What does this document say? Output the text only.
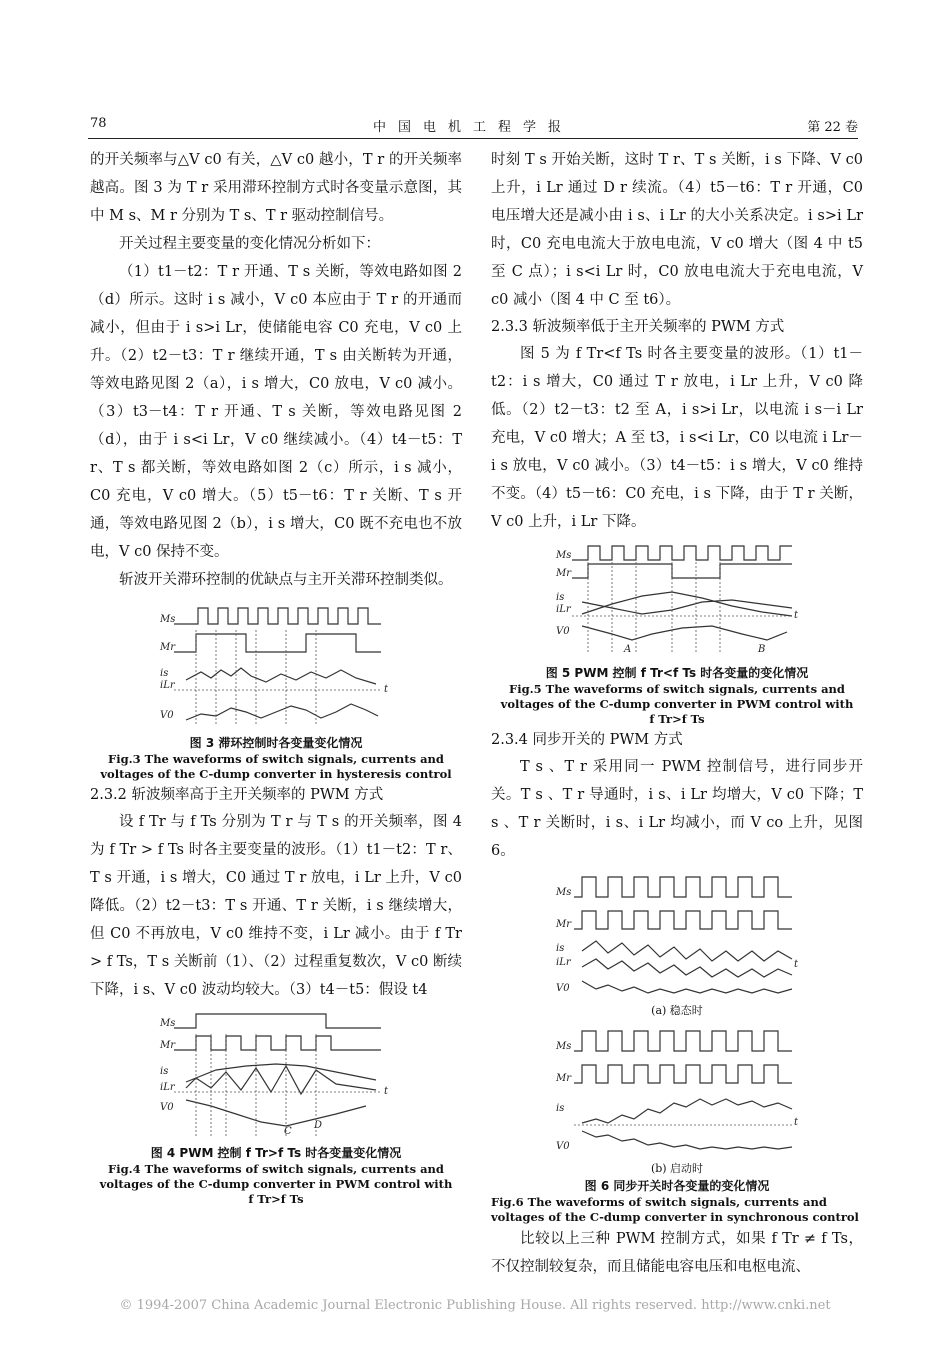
78	中国电机工程学报	第 22 卷

的开关频率与△V c0 有关，△V c0 越小，T r 的开关频率越高。图 3 为 T r 采用滞环控制方式时各变量示意图，其中 M s、M r 分别为 T s、T r 驱动控制信号。

开关过程主要变量的变化情况分析如下：

（1）t1－t2：T r 开通、T s 关断，等效电路如图 2（d）所示。这时 i s 减小，V c0 本应由于 T r 的开通而减小，但由于 i s>i Lr，使储能电容 C0 充电，V c0 上升。（2）t2－t3：T r 继续开通，T s 由关断转为开通，等效电路见图 2（a），i s 增大，C0 放电，V c0 减小。（3）t3－t4：T r 开通、T s 关断，等效电路见图 2（d），由于 i s<i Lr，V c0 继续减小。（4）t4－t5：T r、T s 都关断，等效电路如图 2（c）所示，i s 减小，C0 充电，V c0 增大。（5）t5－t6：T r 关断、T s 开通，等效电路见图 2（b），i s 增大，C0 既不充电也不放电，V c0 保持不变。

斩波开关滞环控制的优缺点与主开关滞环控制类似。

Ms
Mr
is
iLr	t
V0
图 3 滞环控制时各变量变化情况
Fig.3 The waveforms of switch signals, currents and
voltages of the C-dump converter in hysteresis control

2.3.2 斩波频率高于主开关频率的 PWM 方式

设 f Tr 与 f Ts 分别为 T r 与 T s 的开关频率，图 4 为 f Tr > f Ts 时各主要变量的波形。（1）t1－t2：T r、T s 开通，i s 增大，C0 通过 T r 放电，i Lr 上升，V c0 降低。（2）t2－t3：T s 开通、T r 关断，i s 继续增大，但 C0 不再放电，V c0 维持不变，i Lr 减小。由于 f Tr > f Ts，T s 关断前（1）、（2）过程重复数次，V c0 断续下降，i s、V c0 波动均较大。（3）t4－t5：假设 t4

Ms
Mr
is
iLr	t
V0
C
D
图 4 PWM 控制 f Tr>f Ts 时各变量变化情况
Fig.4 The waveforms of switch signals, currents and
voltages of the C-dump converter in PWM control with
f Tr>f Ts

时刻 T s 开始关断，这时 T r、T s 关断，i s 下降、V c0 上升，i Lr 通过 D r 续流。（4）t5－t6：T r 开通，C0 电压增大还是减小由 i s、i Lr 的大小关系决定。i s>i Lr 时，C0 充电电流大于放电电流，V c0 增大（图 4 中 t5 至 C 点）；i s<i Lr 时，C0 放电电流大于充电电流，V c0 减小（图 4 中 C 至 t6）。

2.3.3 斩波频率低于主开关频率的 PWM 方式

图 5 为 f Tr<f Ts 时各主要变量的波形。（1）t1－t2：i s 增大，C0 通过 T r 放电，i Lr 上升，V c0 降低。（2）t2－t3：t2 至 A，i s>i Lr，以电流 i s－i Lr 充电，V c0 增大；A 至 t3，i s<i Lr，C0 以电流 i Lr－i s 放电，V c0 减小。（3）t4－t5：i s 增大，V c0 维持不变。（4）t5－t6：C0 充电，i s 下降，由于 T r 关断，V c0 上升，i Lr 下降。

Ms
Mr
is
iLr
t
V0
A	B
图 5 PWM 控制 f Tr<f Ts 时各变量的变化情况
Fig.5 The waveforms of switch signals, currents and
voltages of the C-dump converter in PWM control with
f Tr>f Ts

2.3.4 同步开关的 PWM 方式

T s 、T r 采用同一 PWM 控制信号，进行同步开关。T s 、T r 导通时，i s、i Lr 均增大，V c0 下降；T s 、T r 关断时，i s、i Lr 均减小，而 V co 上升，见图 6。

Ms
Mr
is
iLr	t
V0
(a) 稳态时
Ms
Mr
is
t
V0
(b) 启动时
图 6 同步开关时各变量的变化情况
Fig.6 The waveforms of switch signals, currents and
voltages of the C-dump converter in synchronous control

比较以上三种 PWM 控制方式，如果 f Tr ≠ f Ts，不仅控制较复杂，而且储能电容电压和电枢电流、

© 1994-2007 China Academic Journal Electronic Publishing House. All rights reserved. http://www.cnki.net
